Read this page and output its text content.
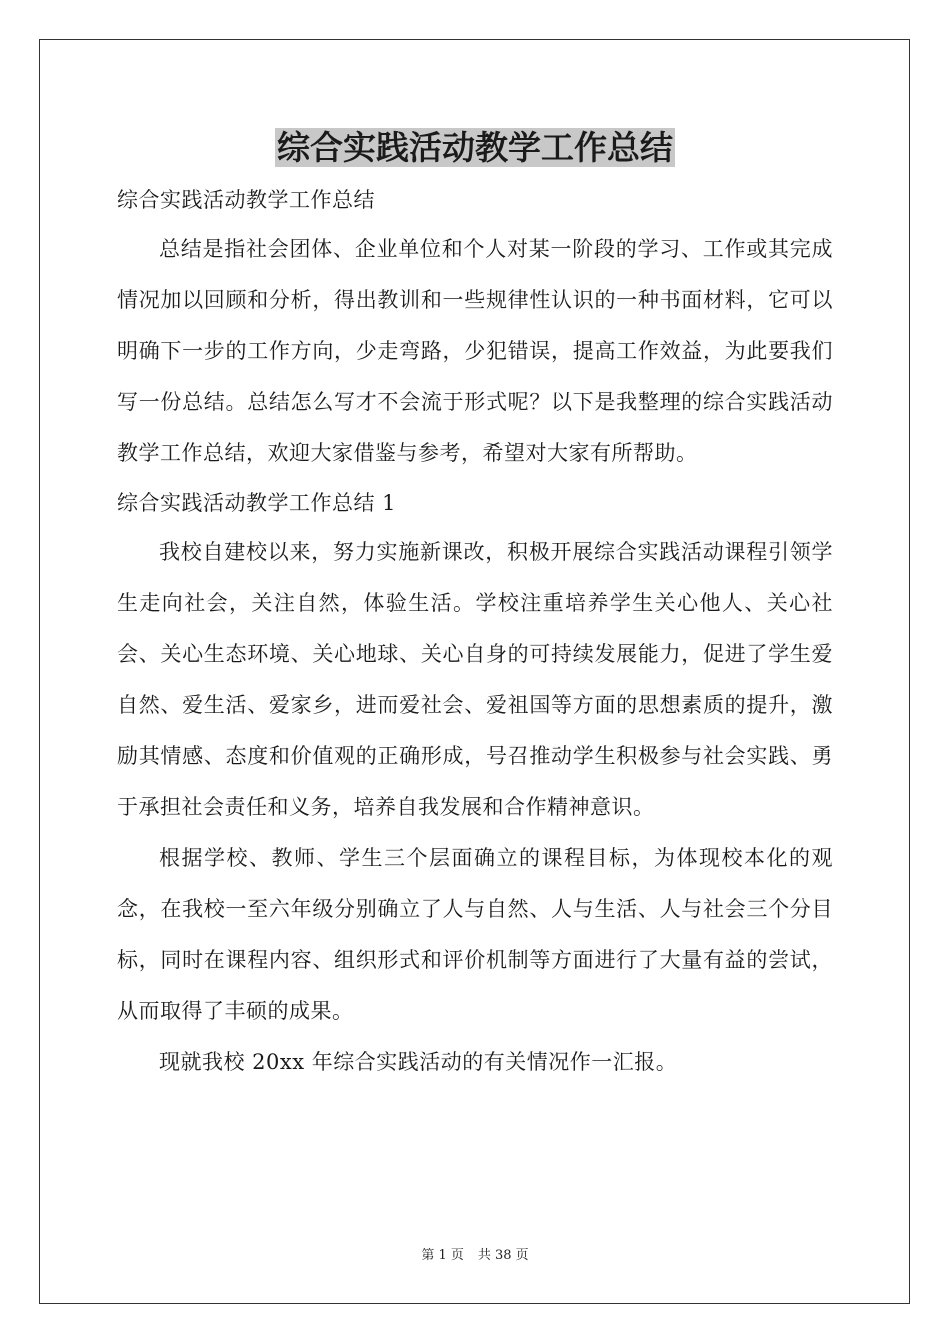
综合实践活动教学工作总结

综合实践活动教学工作总结

总结是指社会团体、企业单位和个人对某一阶段的学习、工作或其完成情况加以回顾和分析，得出教训和一些规律性认识的一种书面材料，它可以明确下一步的工作方向，少走弯路，少犯错误，提高工作效益，为此要我们写一份总结。总结怎么写才不会流于形式呢？以下是我整理的综合实践活动教学工作总结，欢迎大家借鉴与参考，希望对大家有所帮助。

综合实践活动教学工作总结 1

我校自建校以来，努力实施新课改，积极开展综合实践活动课程引领学生走向社会，关注自然，体验生活。学校注重培养学生关心他人、关心社会、关心生态环境、关心地球、关心自身的可持续发展能力，促进了学生爱自然、爱生活、爱家乡，进而爱社会、爱祖国等方面的思想素质的提升，激励其情感、态度和价值观的正确形成，号召推动学生积极参与社会实践、勇于承担社会责任和义务，培养自我发展和合作精神意识。

根据学校、教师、学生三个层面确立的课程目标，为体现校本化的观念，在我校一至六年级分别确立了人与自然、人与生活、人与社会三个分目标，同时在课程内容、组织形式和评价机制等方面进行了大量有益的尝试，从而取得了丰硕的成果。

现就我校 20xx 年综合实践活动的有关情况作一汇报。

第 1 页 共 38 页
